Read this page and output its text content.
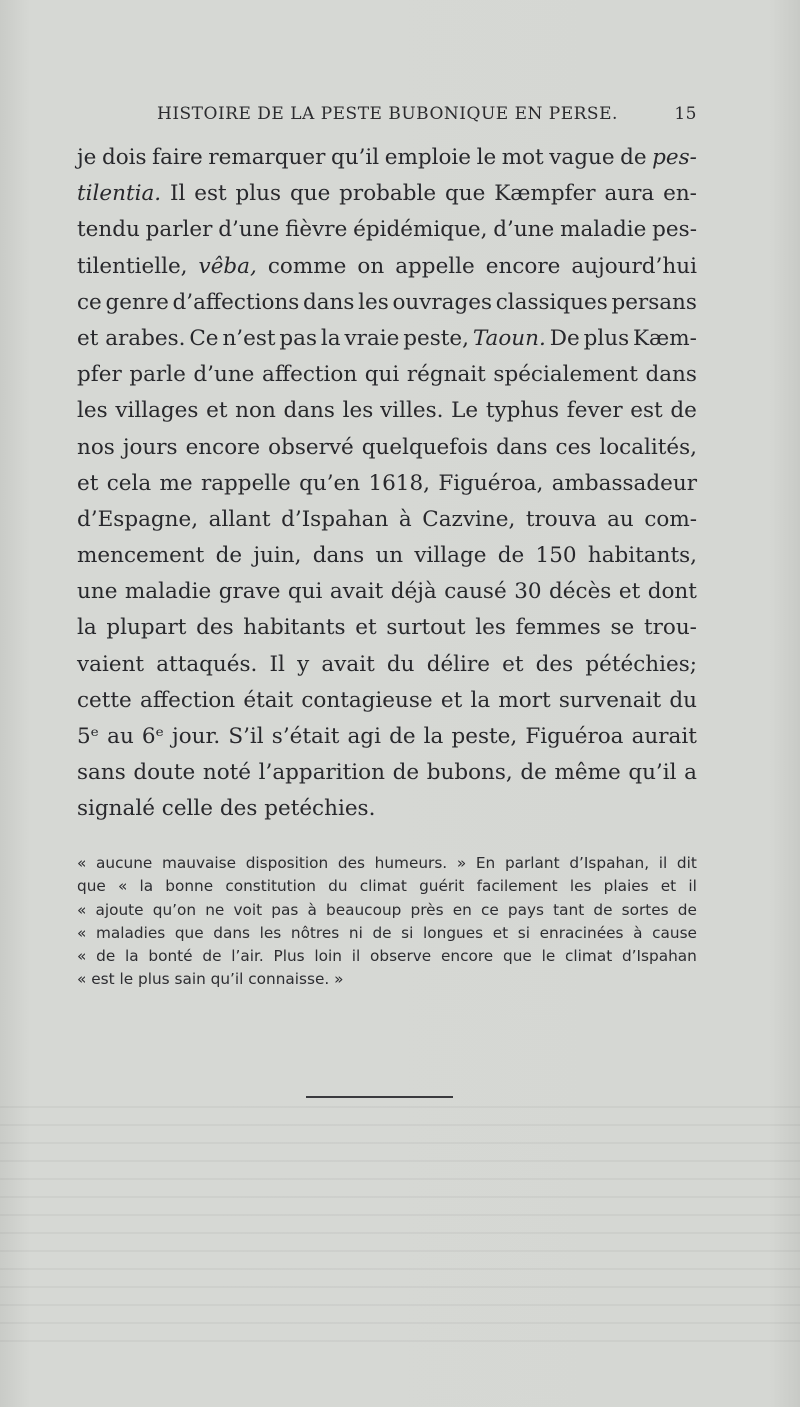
HISTOIRE DE LA PESTE BUBONIQUE EN PERSE.	15
je dois faire remarquer qu’il emploie le mot vague de pes-
tilentia. Il est plus que probable que Kæmpfer aura en-
tendu parler d’une fièvre épidémique, d’une maladie pes-
tilentielle, vêba, comme on appelle encore aujourd’hui
ce genre d’affections dans les ouvrages classiques persans
et arabes. Ce n’est pas la vraie peste, Taoun. De plus Kæm-
pfer parle d’une affection qui régnait spécialement dans
les villages et non dans les villes. Le typhus fever est de
nos jours encore observé quelquefois dans ces localités,
et cela me rappelle qu’en 1618, Figuéroa, ambassadeur
d’Espagne, allant d’Ispahan à Cazvine, trouva au com-
mencement de juin, dans un village de 150 habitants,
une maladie grave qui avait déjà causé 30 décès et dont
la plupart des habitants et surtout les femmes se trou-
vaient attaqués. Il y avait du délire et des pétéchies;
cette affection était contagieuse et la mort survenait du
5ᵉ au 6ᵉ jour. S’il s’était agi de la peste, Figuéroa aurait
sans doute noté l’apparition de bubons, de même qu’il a
signalé celle des petéchies.
« aucune mauvaise disposition des humeurs. » En parlant d’Ispahan, il dit
que « la bonne constitution du climat guérit facilement les plaies et il
« ajoute qu’on ne voit pas à beaucoup près en ce pays tant de sortes de
« maladies que dans les nôtres ni de si longues et si enracinées à cause
« de la bonté de l’air. Plus loin il observe encore que le climat d’Ispahan
« est le plus sain qu’il connaisse. »
